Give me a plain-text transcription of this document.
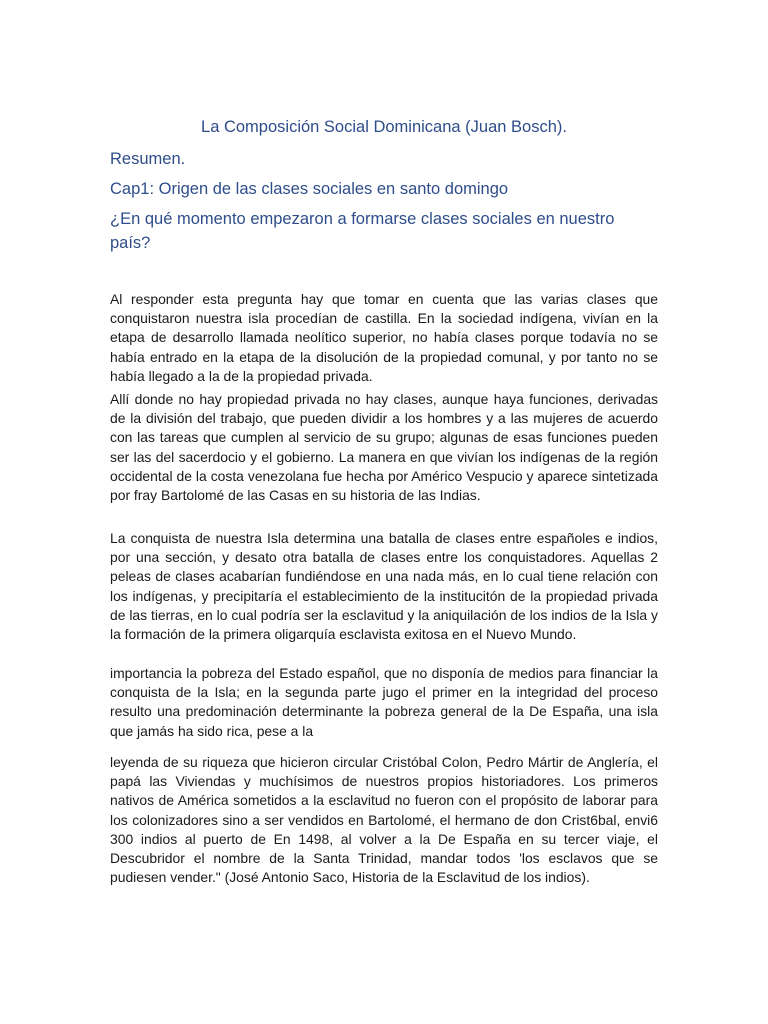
La Composición Social Dominicana (Juan Bosch).
Resumen.
Cap1: Origen de las clases sociales en santo domingo
¿En qué momento empezaron a formarse clases sociales en nuestro país?

Al responder esta pregunta hay que tomar en cuenta que las varias clases que conquistaron nuestra isla procedían de castilla. En la sociedad indígena, vivían en la etapa de desarrollo llamada neolítico superior, no había clases porque todavía no se había entrado en la etapa de la disolución de la propiedad comunal, y por tanto no se había llegado a la de la propiedad privada.

Allí donde no hay propiedad privada no hay clases, aunque haya funciones, derivadas de la división del trabajo, que pueden dividir a los hombres y a las mujeres de acuerdo con las tareas que cumplen al servicio de su grupo; algunas de esas funciones pueden ser las del sacerdocio y el gobierno. La manera en que vivían los indígenas de la región occidental de la costa venezolana fue hecha por Américo Vespucio y aparece sintetizada por fray Bartolomé de las Casas en su historia de las Indias.

La conquista de nuestra Isla determina una batalla de clases entre españoles e indios, por una sección, y desato otra batalla de clases entre los conquistadores. Aquellas 2 peleas de clases acabarían fundiéndose en una nada más, en lo cual tiene relación con los indígenas, y precipitaría el establecimiento de la institucitón de la propiedad privada de las tierras, en lo cual podría ser la esclavitud y la aniquilación de los indios de la Isla y la formación de la primera oligarquía esclavista exitosa en el Nuevo Mundo.

importancia la pobreza del Estado español, que no disponía de medios para financiar la conquista de la Isla; en la segunda parte jugo el primer en la integridad del proceso resulto una predominación determinante la pobreza general de la De España, una isla que jamás ha sido rica, pese a la

leyenda de su riqueza que hicieron circular Cristóbal Colon, Pedro Mártir de Anglería, el papá las Viviendas y muchísimos de nuestros propios historiadores. Los primeros nativos de América sometidos a la esclavitud no fueron con el propósito de laborar para los colonizadores sino a ser vendidos en Bartolomé, el hermano de don Crist6bal, envi6 300 indios al puerto de En 1498, al volver a la De España en su tercer viaje, el Descubridor el nombre de la Santa Trinidad, mandar todos 'los esclavos que se pudiesen vender." (José Antonio Saco, Historia de la Esclavitud de los indios).
